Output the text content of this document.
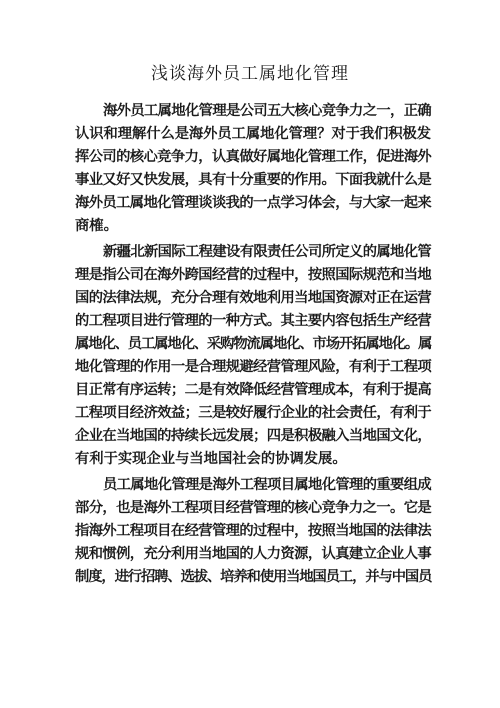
浅谈海外员工属地化管理
海外员工属地化管理是公司五大核心竞争力之一，正确
认识和理解什么是海外员工属地化管理？对于我们积极发
挥公司的核心竞争力，认真做好属地化管理工作，促进海外
事业又好又快发展，具有十分重要的作用。下面我就什么是
海外员工属地化管理谈谈我的一点学习体会，与大家一起来
商榷。
新疆北新国际工程建设有限责任公司所定义的属地化管
理是指公司在海外跨国经营的过程中，按照国际规范和当地
国的法律法规，充分合理有效地利用当地国资源对正在运营
的工程项目进行管理的一种方式。其主要内容包括生产经营
属地化、员工属地化、采购物流属地化、市场开拓属地化。属
地化管理的作用一是合理规避经营管理风险，有利于工程项
目正常有序运转；二是有效降低经营管理成本，有利于提高
工程项目经济效益；三是较好履行企业的社会责任，有利于
企业在当地国的持续长远发展；四是积极融入当地国文化，
有利于实现企业与当地国社会的协调发展。
员工属地化管理是海外工程项目属地化管理的重要组成
部分，也是海外工程项目经营管理的核心竞争力之一。它是
指海外工程项目在经营管理的过程中，按照当地国的法律法
规和惯例，充分利用当地国的人力资源，认真建立企业人事
制度，进行招聘、选拔、培养和使用当地国员工，并与中国员
